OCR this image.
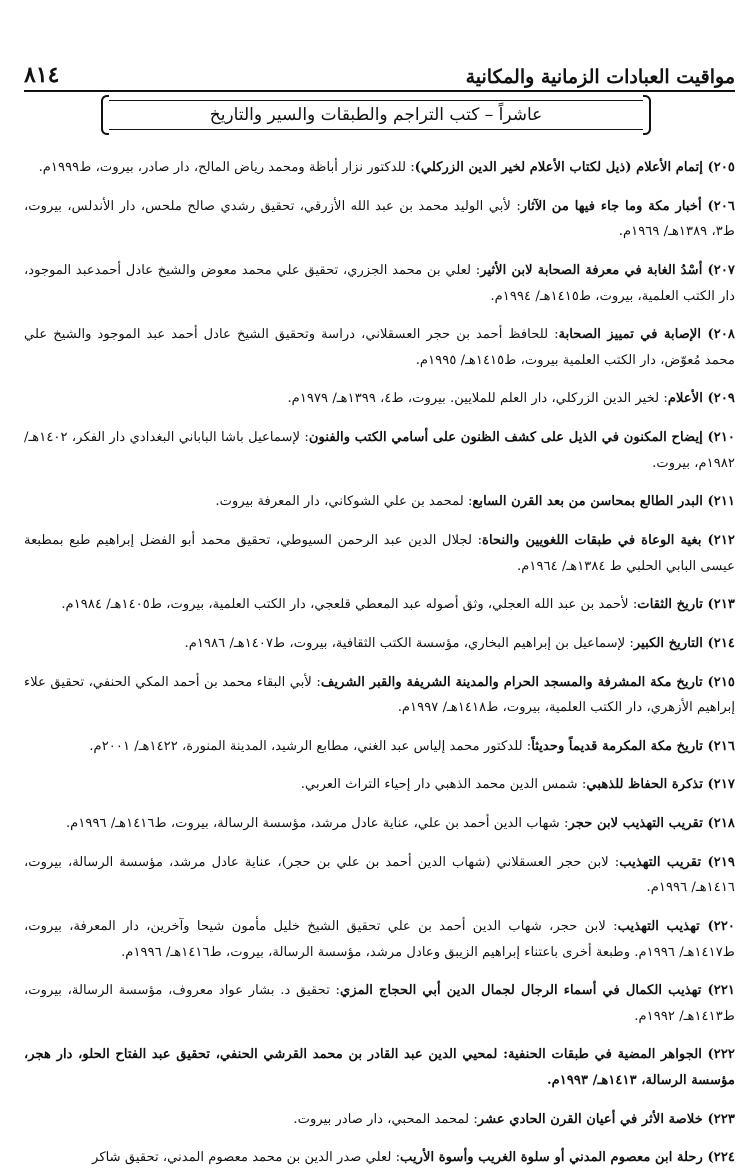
مواقيت العبادات الزمانية والمكانية
٨١٤
عاشراً – كتب التراجم والطبقات والسير والتاريخ

٢٠٥) إتمام الأعلام (ذيل لكتاب الأعلام لخير الدين الزركلي): للدكتور نزار أباظة ومحمد رياض المالح، دار صادر، بيروت، ط١٩٩٩م.

٢٠٦) أخبار مكة وما جاء فيها من الآثار: لأبي الوليد محمد بن عبد الله الأزرقي، تحقيق رشدي صالح ملحس، دار الأندلس، بيروت، ط٣، ١٣٨٩هـ/ ١٩٦٩م.

٢٠٧) أسْدُ الغابة في معرفة الصحابة لابن الأثير: لعلي بن محمد الجزري، تحقيق علي محمد معوض والشيخ عادل أحمدعبد الموجود، دار الكتب العلمية، بيروت، ط١٤١٥هـ/ ١٩٩٤م.

٢٠٨) الإصابة في تمييز الصحابة: للحافظ أحمد بن حجر العسقلاني، دراسة وتحقيق الشيخ عادل أحمد عبد الموجود والشيخ علي محمد مُعوّض، دار الكتب العلمية بيروت، ط١٤١٥هـ/ ١٩٩٥م.

٢٠٩) الأعلام: لخير الدين الزركلي، دار العلم للملايين. بيروت، ط٤، ١٣٩٩هـ/ ١٩٧٩م.

٢١٠) إيضاح المكنون في الذيل على كشف الظنون على أسامي الكتب والفنون: لإسماعيل باشا الباباني البغدادي دار الفكر، ١٤٠٢هـ/ ١٩٨٢م، بيروت.

٢١١) البدر الطالع بمحاسن من بعد القرن السابع: لمحمد بن علي الشوكاني، دار المعرفة بيروت.

٢١٢) بغية الوعاة في طبقات اللغويين والنحاة: لجلال الدين عبد الرحمن السيوطي، تحقيق محمد أبو الفضل إبراهيم طبع بمطبعة عيسى البابي الحلبي ط ١٣٨٤هـ/ ١٩٦٤م.

٢١٣) تاريخ الثقات: لأحمد بن عبد الله العجلي، وثق أصوله عبد المعطي قلعجي، دار الكتب العلمية، بيروت، ط١٤٠٥هـ/ ١٩٨٤م.

٢١٤) التاريخ الكبير: لإسماعيل بن إبراهيم البخاري، مؤسسة الكتب الثقافية، بيروت، ط١٤٠٧هـ/ ١٩٨٦م.

٢١٥) تاريخ مكة المشرفة والمسجد الحرام والمدينة الشريفة والقبر الشريف: لأبي البقاء محمد بن أحمد المكي الحنفي، تحقيق علاء إبراهيم الأزهري، دار الكتب العلمية، بيروت، ط١٤١٨هـ/ ١٩٩٧م.

٢١٦) تاريخ مكة المكرمة قديماً وحديثاً: للدكتور محمد إلياس عبد الغني، مطابع الرشيد، المدينة المنورة، ١٤٢٢هـ/ ٢٠٠١م.

٢١٧) تذكرة الحفاظ للذهبي: شمس الدين محمد الذهبي دار إحياء التراث العربي.

٢١٨) تقريب التهذيب لابن حجر: شهاب الدين أحمد بن علي، عناية عادل مرشد، مؤسسة الرسالة، بيروت، ط١٤١٦هـ/ ١٩٩٦م.

٢١٩) تقريب التهذيب: لابن حجر العسقلاني (شهاب الدين أحمد بن علي بن حجر)، عناية عادل مرشد، مؤسسة الرسالة، بيروت، ١٤١٦هـ/ ١٩٩٦م.

٢٢٠) تهذيب التهذيب: لابن حجر، شهاب الدين أحمد بن علي تحقيق الشيخ خليل مأمون شيحا وآخرين، دار المعرفة، بيروت، ط١٤١٧هـ/ ١٩٩٦م. وطبعة أخرى باعتناء إبراهيم الزيبق وعادل مرشد، مؤسسة الرسالة، بيروت، ط١٤١٦هـ/ ١٩٩٦م.

٢٢١) تهذيب الكمال في أسماء الرجال لجمال الدين أبي الحجاج المزي: تحقيق د. بشار عواد معروف، مؤسسة الرسالة، بيروت، ط١٤١٣هـ/ ١٩٩٢م.

٢٢٢) الجواهر المضية في طبقات الحنفية: لمحيي الدين عبد القادر بن محمد القرشي الحنفي، تحقيق عبد الفتاح الحلو، دار هجر، مؤسسة الرسالة، ١٤١٣هـ/ ١٩٩٣م.

٢٢٣) خلاصة الأثر في أعيان القرن الحادي عشر: لمحمد المحبي، دار صادر بيروت.

٢٢٤) رحلة ابن معصوم المدني أو سلوة الغريب وأسوة الأريب: لعلي صدر الدين بن محمد معصوم المدني، تحقيق شاكر
